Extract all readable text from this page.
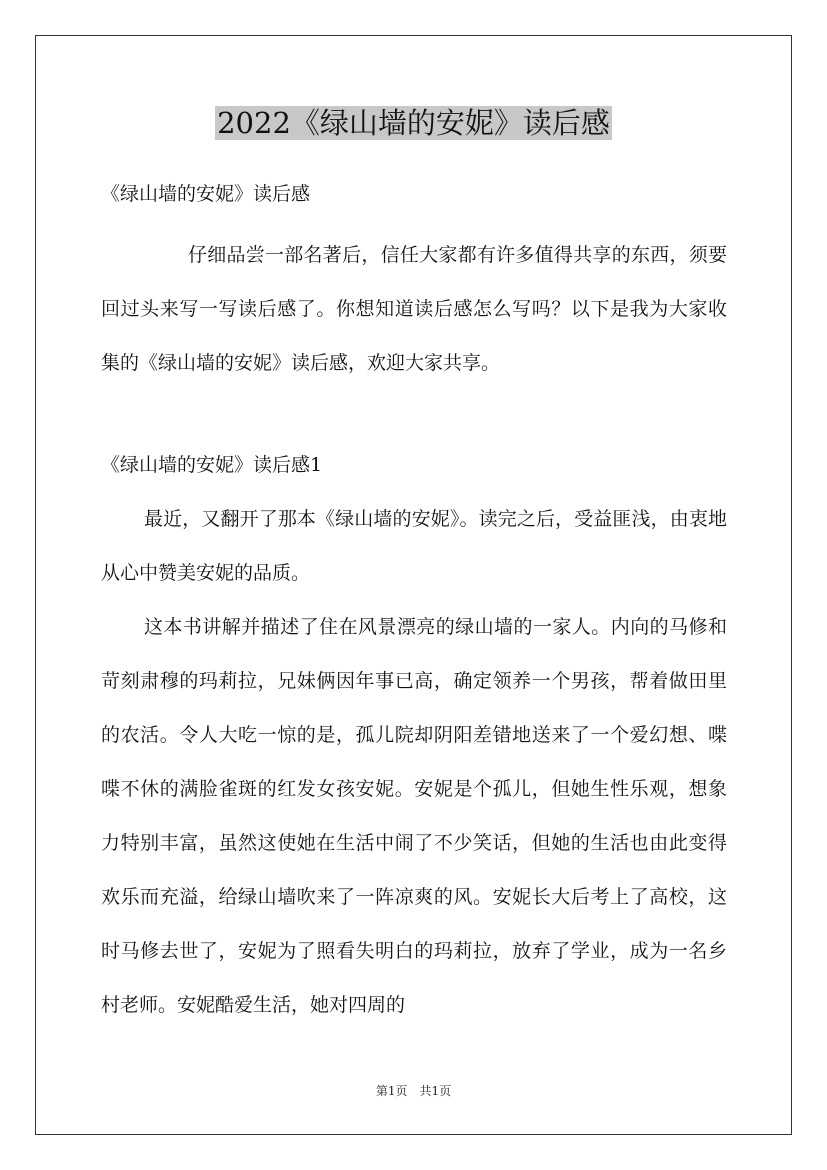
2022《绿山墙的安妮》读后感

《绿山墙的安妮》读后感

仔细品尝一部名著后，信任大家都有许多值得共享的东西，须要回过头来写一写读后感了。你想知道读后感怎么写吗？以下是我为大家收集的《绿山墙的安妮》读后感，欢迎大家共享。

《绿山墙的安妮》读后感1

最近，又翻开了那本《绿山墙的安妮》。读完之后，受益匪浅，由衷地从心中赞美安妮的品质。

这本书讲解并描述了住在风景漂亮的绿山墙的一家人。内向的马修和苛刻肃穆的玛莉拉，兄妹俩因年事已高，确定领养一个男孩，帮着做田里的农活。令人大吃一惊的是，孤儿院却阴阳差错地送来了一个爱幻想、喋喋不休的满脸雀斑的红发女孩安妮。安妮是个孤儿，但她生性乐观，想象力特别丰富，虽然这使她在生活中闹了不少笑话，但她的生活也由此变得欢乐而充溢，给绿山墙吹来了一阵凉爽的风。安妮长大后考上了高校，这时马修去世了，安妮为了照看失明白的玛莉拉，放弃了学业，成为一名乡村老师。安妮酷爱生活，她对四周的

第1页　共1页
